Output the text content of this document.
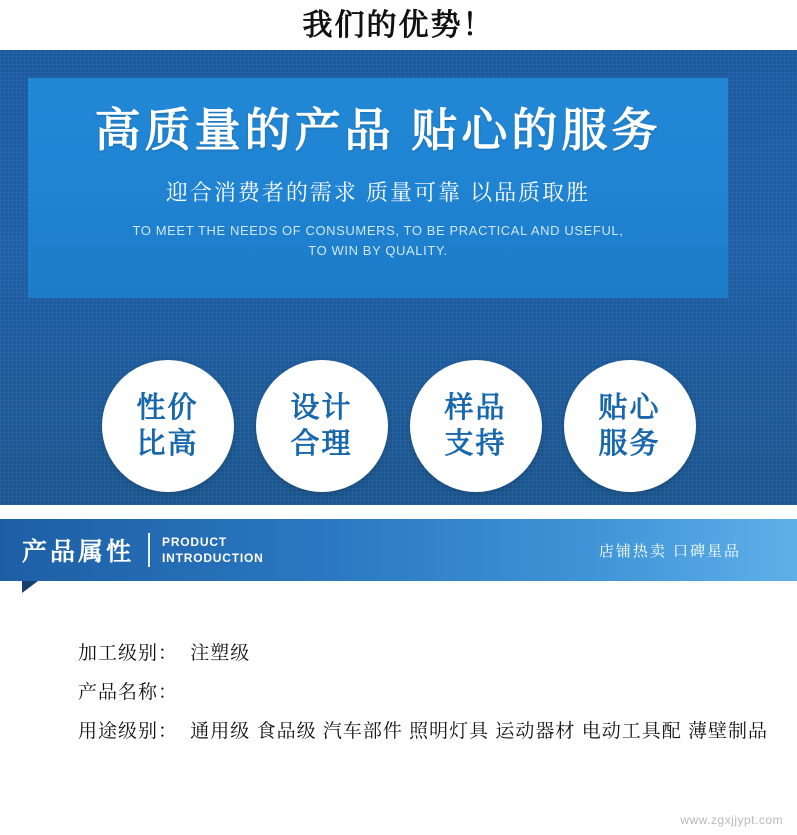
我们的优势！
高质量的产品 贴心的服务
迎合消费者的需求 质量可靠 以品质取胜
TO MEET THE NEEDS OF CONSUMERS, TO BE PRACTICAL AND USEFUL,
TO WIN BY QUALITY.
性价
比高
设计
合理
样品
支持
贴心
服务
产品属性 PRODUCT
INTRODUCTION	店铺热卖 口碑星品
加工级别： 注塑级
产品名称：
用途级别： 通用级 食品级 汽车部件 照明灯具 运动器材 电动工具配 薄壁制品
www.zgxjjypt.com
